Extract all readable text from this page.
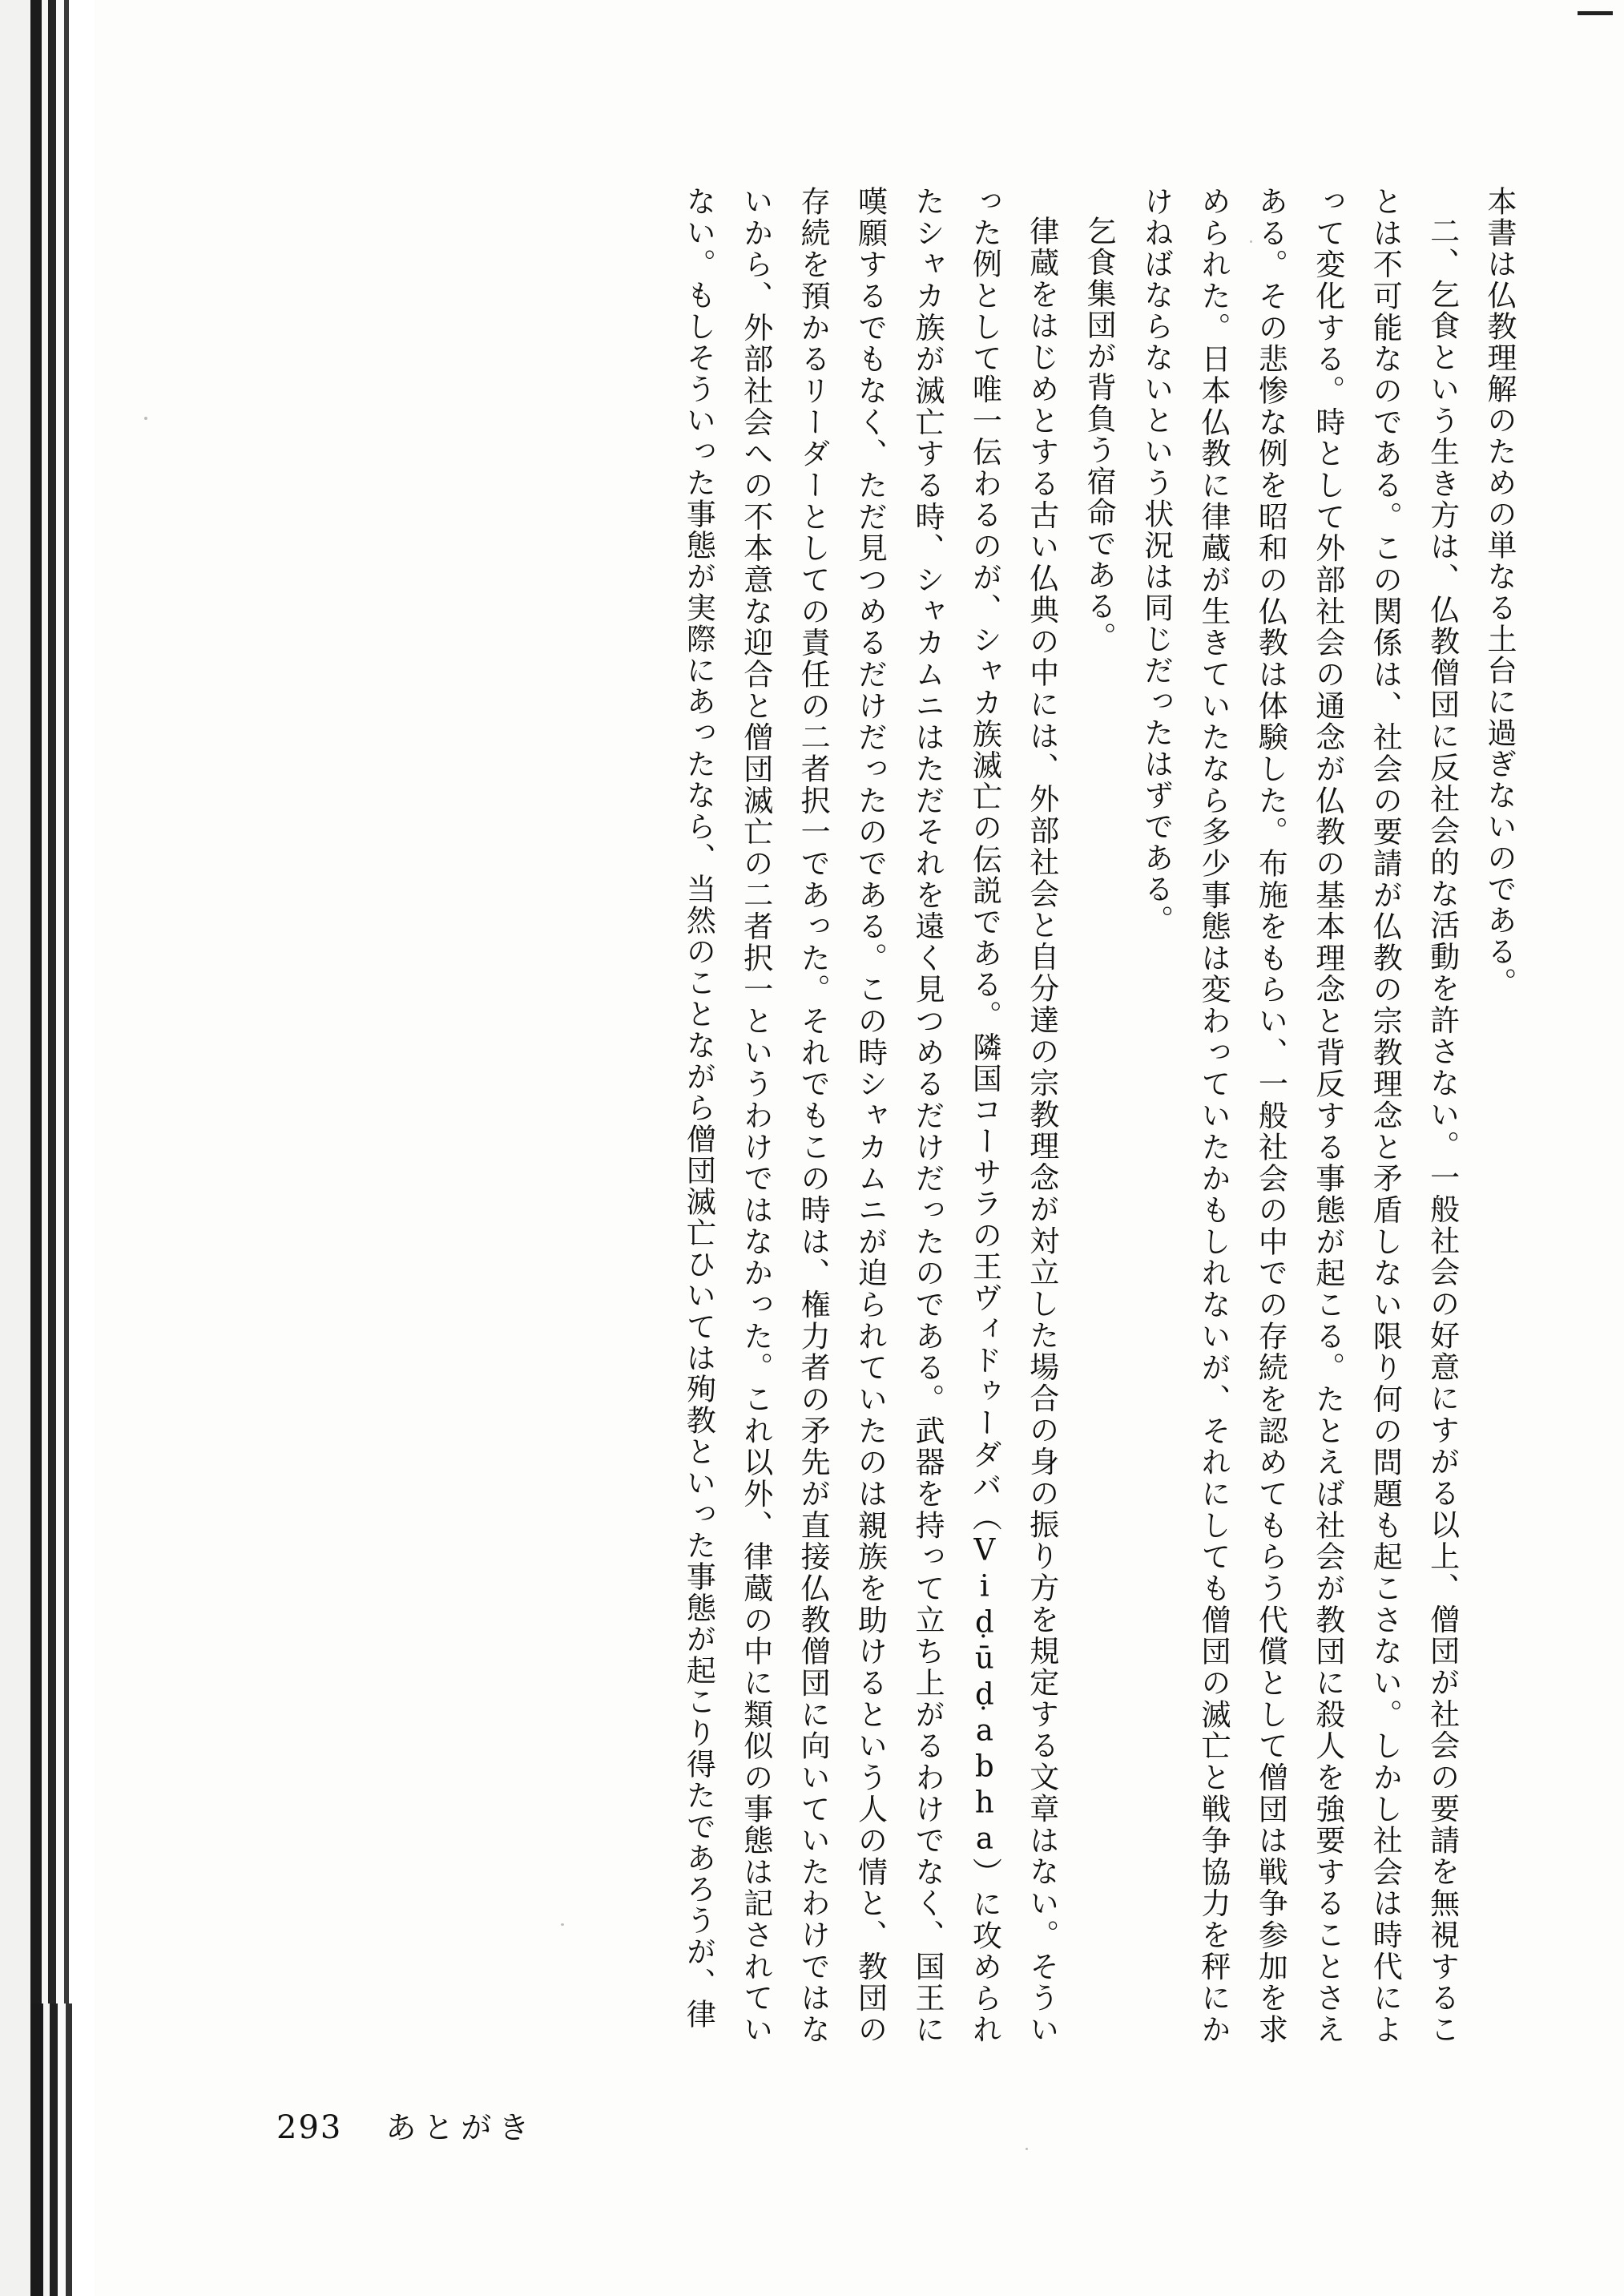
本書は仏教理解のための単なる土台に過ぎないのである。

二、乞食という生き方は、仏教僧団に反社会的な活動を許さない。一般社会の好意にすがる以上、僧団が社会の要請を無視することは不可能なのである。この関係は、社会の要請が仏教の宗教理念と矛盾しない限り何の問題も起こさない。しかし社会は時代によって変化する。時として外部社会の通念が仏教の基本理念と背反する事態が起こる。たとえば社会が教団に殺人を強要することさえある。その悲惨な例を昭和の仏教は体験した。布施をもらい、一般社会の中での存続を認めてもらう代償として僧団は戦争参加を求められた。日本仏教に律蔵が生きていたなら多少事態は変わっていたかもしれないが、それにしても僧団の滅亡と戦争協力を秤にかけねばならないという状況は同じだったはずである。

乞食集団が背負う宿命である。

律蔵をはじめとする古い仏典の中には、外部社会と自分達の宗教理念が対立した場合の身の振り方を規定する文章はない。そういった例として唯一伝わるのが、シャカ族滅亡の伝説である。隣国コーサラの王ヴィドゥーダバ（Viḍūḍabha）に攻められたシャカ族が滅亡する時、シャカムニはただそれを遠く見つめるだけだったのである。武器を持って立ち上がるわけでなく、国王に嘆願するでもなく、ただ見つめるだけだったのである。この時シャカムニが迫られていたのは親族を助けるという人の情と、教団の存続を預かるリーダーとしての責任の二者択一であった。それでもこの時は、権力者の矛先が直接仏教僧団に向いていたわけではないから、外部社会への不本意な迎合と僧団滅亡の二者択一というわけではなかった。これ以外、律蔵の中に類似の事態は記されていない。もしそういった事態が実際にあったなら、当然のことながら僧団滅亡ひいては殉教といった事態が起こり得たであろうが、律

293 あとがき
